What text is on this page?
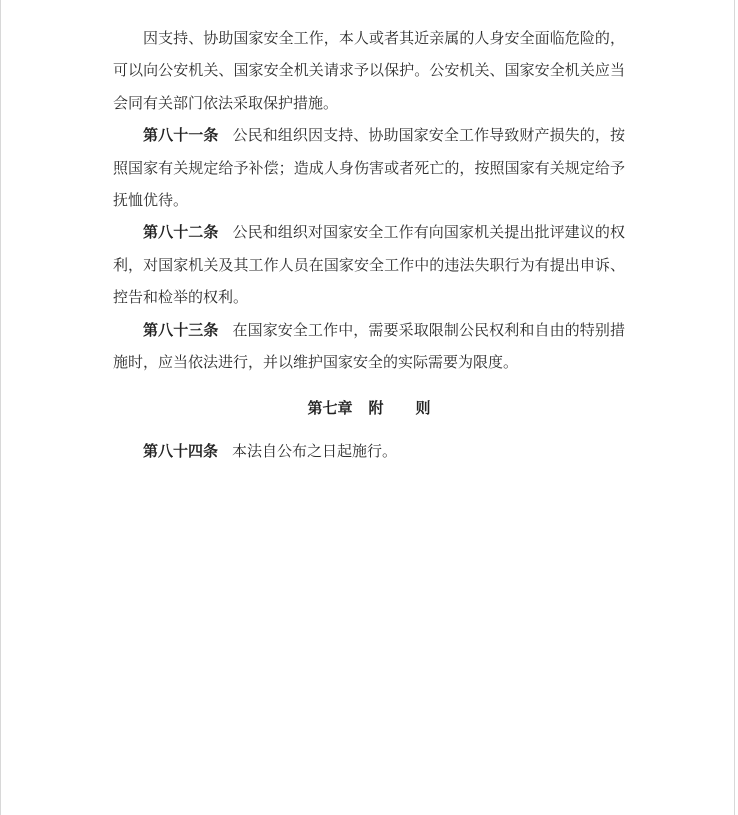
因支持、协助国家安全工作，本人或者其近亲属的人身安全面临危险的，可以向公安机关、国家安全机关请求予以保护。公安机关、国家安全机关应当会同有关部门依法采取保护措施。

第八十一条 公民和组织因支持、协助国家安全工作导致财产损失的，按照国家有关规定给予补偿；造成人身伤害或者死亡的，按照国家有关规定给予抚恤优待。

第八十二条 公民和组织对国家安全工作有向国家机关提出批评建议的权利，对国家机关及其工作人员在国家安全工作中的违法失职行为有提出申诉、控告和检举的权利。

第八十三条 在国家安全工作中，需要采取限制公民权利和自由的特别措施时，应当依法进行，并以维护国家安全的实际需要为限度。

第七章 附 则

第八十四条 本法自公布之日起施行。
